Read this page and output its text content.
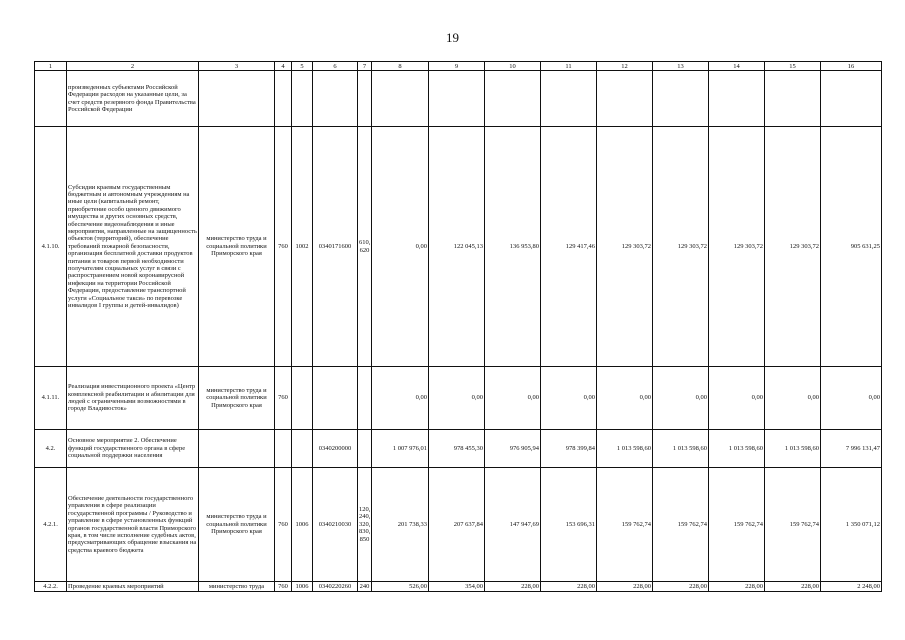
19
1	2	3	4	5	6	7	8	9	10	11	12	13	14	15	16
	произведенных субъектами Российской Федерации расходов на указанные цели, за счет средств резервного фонда Правительства Российской Федерации														
4.1.10.	Субсидии краевым государственным бюджетным и автономным учреждениям на иные цели (капитальный ремонт, приобретение особо ценного движимого имущества и других основных средств, обеспечение видеонаблюдения и иные мероприятия, направленные на защищенность объектов (территорий), обеспечение требований пожарной безопасности, организация бесплатной доставки продуктов питания и товаров первой необходимости получателям социальных услуг в связи с распространением новой коронавирусной инфекции на территории Российской Федерации, предоставление транспортной услуги «Социальное такси» по перевозке инвалидов I группы и детей-инвалидов)	министерство труда и социальной политики Приморского края	760	1002	0340171600	610, 620	0,00	122 045,13	136 953,80	129 417,46	129 303,72	129 303,72	129 303,72	129 303,72	905 631,25
4.1.11.	Реализация инвестиционного проекта «Центр комплексной реабилитации и абилитации для людей с ограниченными возможностями в городе Владивосток»	министерство труда и социальной политики Приморского края	760				0,00	0,00	0,00	0,00	0,00	0,00	0,00	0,00	0,00
4.2.	Основное мероприятие 2. Обеспечение функций государственного органа в сфере социальной поддержки населения				0340200000		1 007 976,01	978 455,30	976 905,94	978 399,84	1 013 598,60	1 013 598,60	1 013 598,60	1 013 598,60	7 996 131,47
4.2.1.	Обеспечение деятельности государственного управления в сфере реализации государственной программы / Руководство и управление в сфере установленных функций органов государственной власти Приморского края, в том числе исполнение судебных актов, предусматривающих обращение взыскания на средства краевого бюджета	министерство труда и социальной политики Приморского края	760	1006	0340210030	120, 240, 320, 830, 850	201 738,33	207 637,84	147 947,69	153 696,31	159 762,74	159 762,74	159 762,74	159 762,74	1 350 071,12
4.2.2.	Проведение краевых мероприятий	министерство труда	760	1006	0340220260	240	526,00	354,00	228,00	228,00	228,00	228,00	228,00	228,00	2 248,00
